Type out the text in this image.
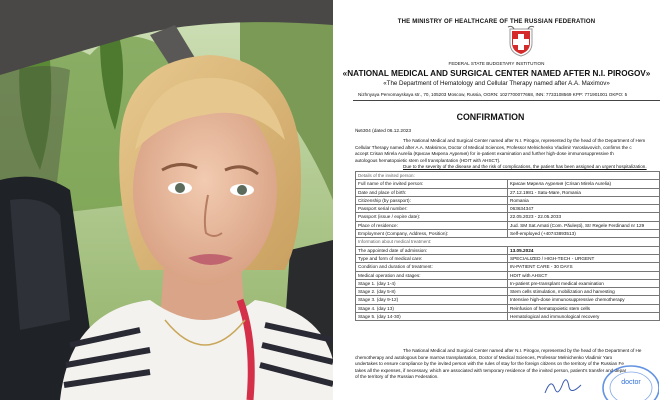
THE MINISTRY OF HEALTHCARE OF THE RUSSIAN FEDERATION
FEDERAL STATE BUDGETARY INSTITUTION
«NATIONAL MEDICAL AND SURGICAL CENTER NAMED AFTER N.I. PIROGOV»
«The Department of Hematology and Cellular Therapy named after A.A. Maximov»
Nizhnyaya Pervomayskaya str., 70, 105203 Moscow, Russia, OGRN: 1027700077668, INN: 7733108569 KPP: 771901001 OKPO: 5
CONFIRMATION
№6304 (dated 06.12.2023
The National Medical and Surgical Center named after N.I. Pirogov, represented by the head of the Department of Hem
Cellular Therapy named after A.A. Maksimov, Doctor of Medical Sciences, Professor Melnichenko Vladimir Yaroslavovich, confirms the c
accept Crisan Mirela Aurelia (Крисан Мирела Аурелия) for in-patient examination and further high-dose immunosuppressive th
autologous hematopoietic stem cell transplantation (HDIT with AHSCT).
Due to the severity of the disease and the risk of complications, the patient has been assigned an urgent hospitalization.
Details of the invited person:	
Full name of the invited person:	Крисан Мирела Аурелия (Crisan Mirela Aurelia)
Date and place of birth:	27.12.1981 - Satu-Mare, Romania
Citizenship (by passport):	Romania
Passport serial number:	063634347
Passport (issue / expire date):	22.05.2023 - 22.05.2033
Place of residence:	Jud. SM Sat.Amati (Com. Păulești), Str Regele Ferdinand nr 129
Employment (Company, Address, Position):	Self-employed (+40743893513)
Information about medical treatment:	
The appointed date of admission:	13.05.2024
Type and form of medical care:	SPECIALIZED / HIGH-TECH - URGENT
Condition and duration of treatment:	IN-PATIENT CARE - 30 DAYS
Medical operation and stages:	HDIT with AHSCT
Stage 1. (day 1-4)	In-patient pre-transplant medical examination
Stage 2. (day 5-8)	Stem cells stimulation, mobilization and harvesting
Stage 3. (day 9-12)	Intensive high-dose immunosuppressive chemotherapy
Stage 4. (day 13)	Reinfusion of hematopoietic stem cells
Stage 5. (day 14-30)	Hematological and immunological recovery
The National Medical and Surgical Center named after N.I. Pirogov, represented by the head of the Department of He
chemotherapy and autologous bone marrow transplantation, Doctor of Medical Sciences, Professor Melnichenko Vladimir Yaro
undertakes to ensure compliance by the invited person with the rules of stay for the foreign citizens on the territory of the Russian Fe
takes all the expenses, if necessary, which are associated with temporary residence of the invited person, patient's transfer and depar
of the territory of the Russian Federation.
doctor
